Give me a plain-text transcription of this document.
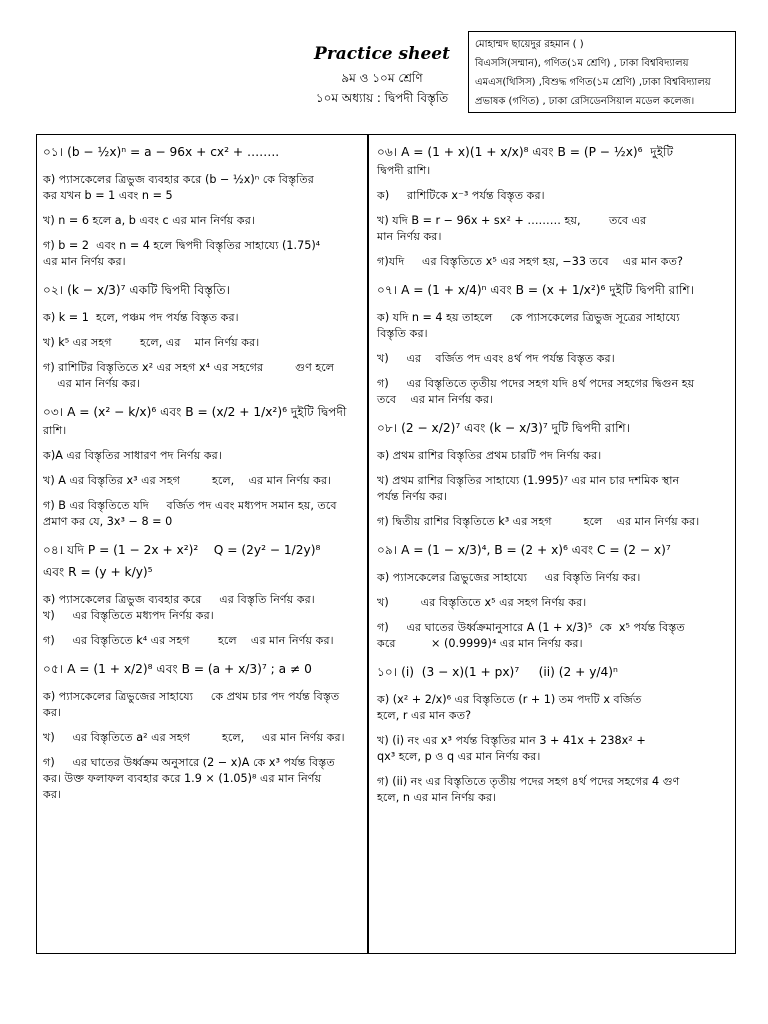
Practice sheet
৯ম ও ১০ম শ্রেণি
১০ম অধ্যায় : দ্বিপদী বিস্তৃতি
মোহাম্মদ ছায়েদুর রহমান ( )
বিএসসি(সম্মান), গণিত(১ম শ্রেণি) , ঢাকা বিশ্ববিদ্যালয়
এমএস(থিসিস) ,বিশুদ্ধ গণিত(১ম শ্রেণি) ,ঢাকা বিশ্ববিদ্যালয়
প্রভাষক (গণিত) , ঢাকা রেসিডেনসিয়াল মডেল কলেজ।
০১। (b − ½x)ⁿ = a − 96x + cx² + ……..
ক) প্যাসকেলের ত্রিভুজ ব্যবহার করে (b − ½x)ⁿ কে বিস্তৃতির
কর যখন b = 1 এবং n = 5
খ) n = 6 হলে a, b এবং c এর মান নির্ণয় কর।
গ) b = 2  এবং n = 4 হলে দ্বিপদী বিস্তৃতির সাহায্যে (1.75)⁴
এর মান নির্ণয় কর।
০২। (k − x/3)⁷ একটি দ্বিপদী বিস্তৃতি।
ক) k = 1  হলে, পঞ্চম পদ পর্যন্ত বিস্তৃত কর।
খ) k⁵ এর সহগ        হলে, এর    মান নির্ণয় কর।
গ) রাশিটির বিস্তৃতিতে x² এর সহগ x⁴ এর সহগের         গুণ হলে
এর মান নির্ণয় কর।
০৩। A = (x² − k/x)⁶ এবং B = (x/2 + 1/x²)⁶ দুইটি দ্বিপদী
রাশি।
ক)A এর বিস্তৃতির সাধারণ পদ নির্ণয় কর।
খ) A এর বিস্তৃতির x³ এর সহগ         হলে,    এর মান নির্ণয় কর।
গ) B এর বিস্তৃতিতে যদি     বর্জিত পদ এবং মধ্যপদ সমান হয়, তবে
প্রমাণ কর যে, 3x³ − 8 = 0
০৪। যদি P = (1 − 2x + x²)²    Q = (2y² − 1/2y)⁸
এবং R = (y + k/y)⁵
ক) প্যাসকেলের ত্রিভুজ ব্যবহার করে     এর বিস্তৃতি নির্ণয় কর।
খ)     এর বিস্তৃতিতে মধ্যপদ নির্ণয় কর।
গ)     এর বিস্তৃতিতে k⁴ এর সহগ        হলে    এর মান নির্ণয় কর।
০৫। A = (1 + x/2)⁸ এবং B = (a + x/3)⁷ ; a ≠ 0
ক) প্যাসকেলের ত্রিভুজের সাহায্যে     কে প্রথম চার পদ পর্যন্ত বিস্তৃত
কর।
খ)     এর বিস্তৃতিতে a² এর সহগ         হলে,     এর মান নির্ণয় কর।
গ)     এর ঘাতের উর্ধ্বক্রম অনুসারে (2 − x)A কে x³ পর্যন্ত বিস্তৃত
কর। উক্ত ফলাফল ব্যবহার করে 1.9 × (1.05)⁸ এর মান নির্ণয়
কর।
০৬। A = (1 + x)(1 + x/x)⁸ এবং B = (P − ½x)⁶  দুইটি
দ্বিপদী রাশি।
ক)     রাশিটিকে x⁻³ পর্যন্ত বিস্তৃত কর।
খ) যদি B = r − 96x + sx² + ……… হয়,        তবে এর
মান নির্ণয় কর।
গ)যদি     এর বিস্তৃতিতে x⁵ এর সহগ হয়, −33 তবে    এর মান কত?
০৭। A = (1 + x/4)ⁿ এবং B = (x + 1/x²)⁶ দুইটি দ্বিপদী রাশি।
ক) যদি n = 4 হয় তাহলে     কে প্যাসকেলের ত্রিভুজ সূত্রের সাহায্যে
বিস্তৃতি কর।
খ)     এর    বর্জিত পদ এবং ৪র্থ পদ পর্যন্ত বিস্তৃত কর।
গ)     এর বিস্তৃতিতে তৃতীয় পদের সহগ যদি ৪র্থ পদের সহগের দ্বিগুন হয়
তবে    এর মান নির্ণয় কর।
০৮। (2 − x/2)⁷ এবং (k − x/3)⁷ দুটি দ্বিপদী রাশি।
ক) প্রথম রাশির বিস্তৃতির প্রথম চারটি পদ নির্ণয় কর।
খ) প্রথম রাশির বিস্তৃতির সাহায্যে (1.995)⁷ এর মান চার দশমিক স্থান
পর্যন্ত নির্ণয় কর।
গ) দ্বিতীয় রাশির বিস্তৃতিতে k³ এর সহগ         হলে    এর মান নির্ণয় কর।
০৯। A = (1 − x/3)⁴, B = (2 + x)⁶ এবং C = (2 − x)⁷
ক) প্যাসকেলের ত্রিভুজের সাহায্যে     এর বিস্তৃতি নির্ণয় কর।
খ)         এর বিস্তৃতিতে x⁵ এর সহগ নির্ণয় কর।
গ)     এর ঘাতের উর্ধ্বক্রমানুসারে A (1 + x/3)⁵  কে  x⁵ পর্যন্ত বিস্তৃত
করে          × (0.9999)⁴ এর মান নির্ণয় কর।
১০। (i)  (3 − x)(1 + px)⁷     (ii) (2 + y/4)ⁿ
ক) (x² + 2/x)⁶ এর বিস্তৃতিতে (r + 1) তম পদটি x বর্জিত
হলে, r এর মান কত?
খ) (i) নং এর x³ পর্যন্ত বিস্তৃতির মান 3 + 41x + 238x² +
qx³ হলে, p ও q এর মান নির্ণয় কর।
গ) (ii) নং এর বিস্তৃতিতে তৃতীয় পদের সহগ ৪র্থ পদের সহগের 4 গুণ
হলে, n এর মান নির্ণয় কর।
